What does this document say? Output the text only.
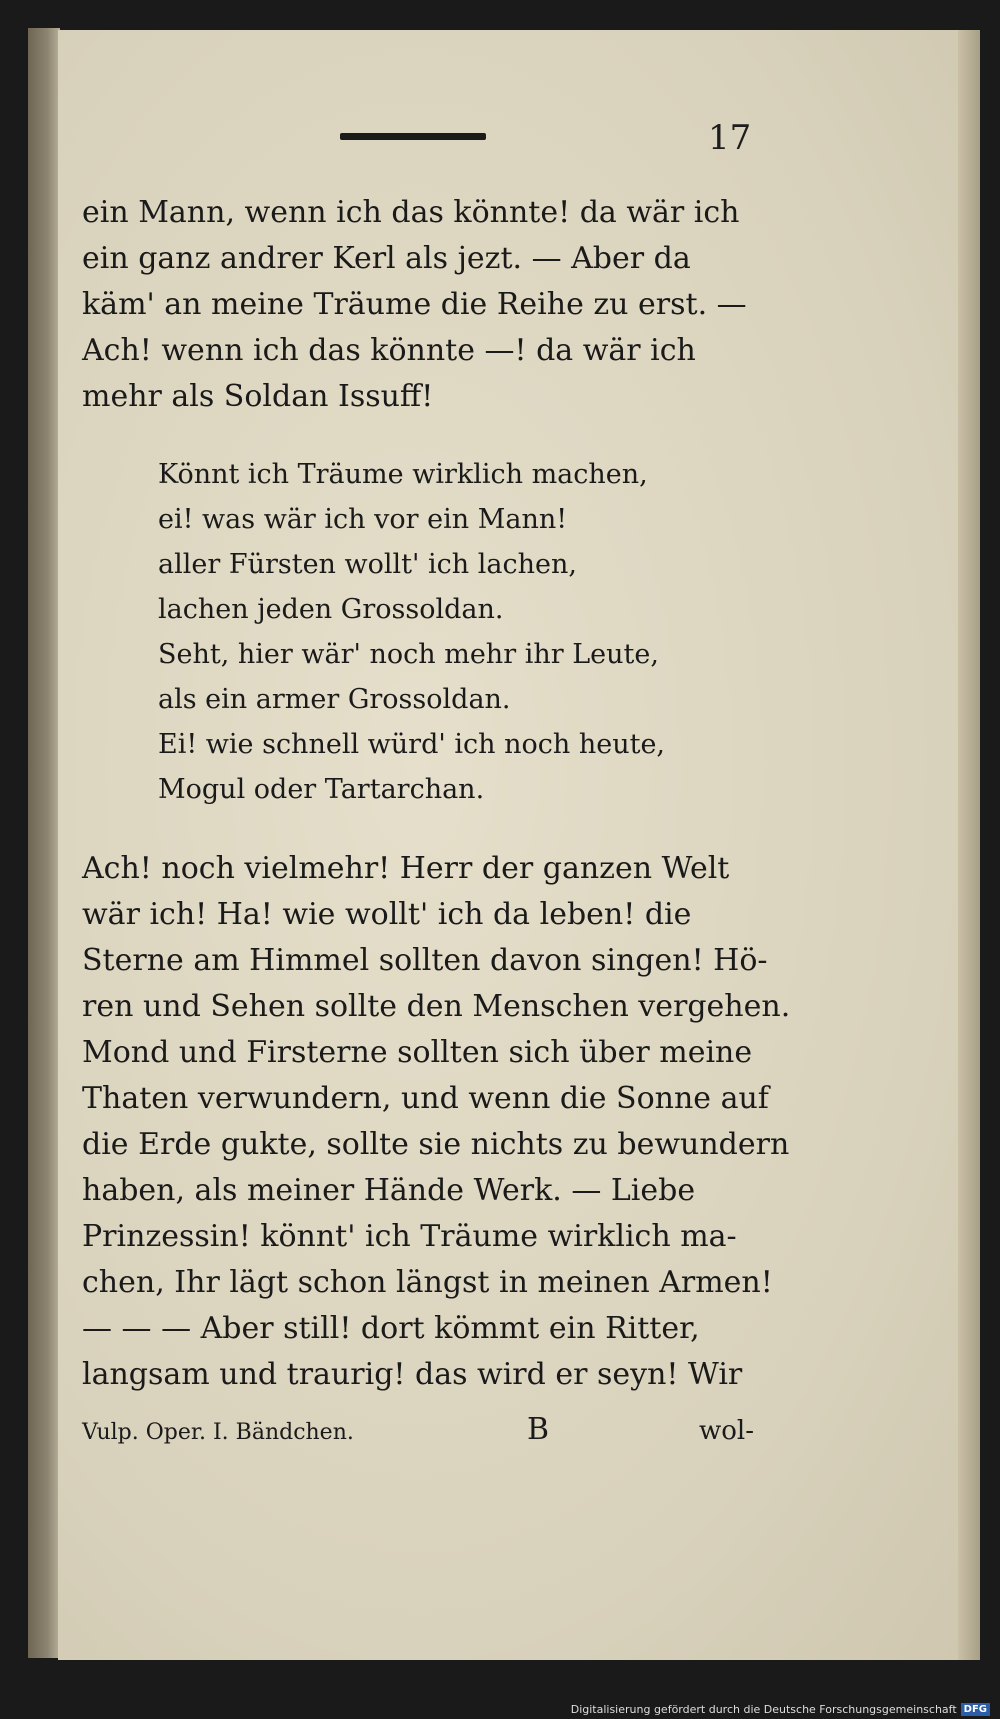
17
ein Mann, wenn ich das könnte! da wär ich
ein ganz andrer Kerl als jezt. — Aber da
käm' an meine Träume die Reihe zu erst. —
Ach! wenn ich das könnte —! da wär ich
mehr als Soldan Issuff!
Könnt ich Träume wirklich machen,
ei! was wär ich vor ein Mann!
aller Fürsten wollt' ich lachen,
lachen jeden Grossoldan.
Seht, hier wär' noch mehr ihr Leute,
als ein armer Grossoldan.
Ei! wie schnell würd' ich noch heute,
Mogul oder Tartarchan.
Ach! noch vielmehr! Herr der ganzen Welt
wär ich! Ha! wie wollt' ich da leben! die
Sterne am Himmel sollten davon singen! Hö-
ren und Sehen sollte den Menschen vergehen.
Mond und Firsterne sollten sich über meine
Thaten verwundern, und wenn die Sonne auf
die Erde gukte, sollte sie nichts zu bewundern
haben, als meiner Hände Werk. — Liebe
Prinzessin! könnt' ich Träume wirklich ma-
chen, Ihr lägt schon längst in meinen Armen!
— — — Aber still! dort kömmt ein Ritter,
langsam und traurig! das wird er seyn! Wir
Vulp. Oper. I. Bändchen.	B	wol-
Digitalisierung gefördert durch die Deutsche Forschungsgemeinschaft DFG
